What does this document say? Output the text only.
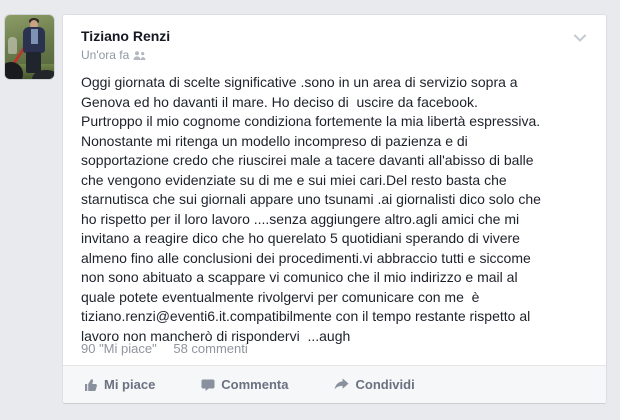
Tiziano Renzi
Un'ora fa
Oggi giornata di scelte significative .sono in un area di servizio sopra a
Genova ed ho davanti il mare. Ho deciso di  uscire da facebook.
Purtroppo il mio cognome condiziona fortemente la mia libertà espressiva.
Nonostante mi ritenga un modello incompreso di pazienza e di
sopportazione credo che riuscirei male a tacere davanti all'abisso di balle
che vengono evidenziate su di me e sui miei cari.Del resto basta che
starnutisca che sui giornali appare uno tsunami .ai giornalisti dico solo che
ho rispetto per il loro lavoro ....senza aggiungere altro.agli amici che mi
invitano a reagire dico che ho querelato 5 quotidiani sperando di vivere
almeno fino alle conclusioni dei procedimenti.vi abbraccio tutti e siccome
non sono abituato a scappare vi comunico che il mio indirizzo e mail al
quale potete eventualmente rivolgervi per comunicare con me  è
tiziano.renzi@eventi6.it.compatibilmente con il tempo restante rispetto al
lavoro non mancherò di rispondervi  ...augh
90 "Mi piace" 58 commenti
Mi piace	Commenta	Condividi
